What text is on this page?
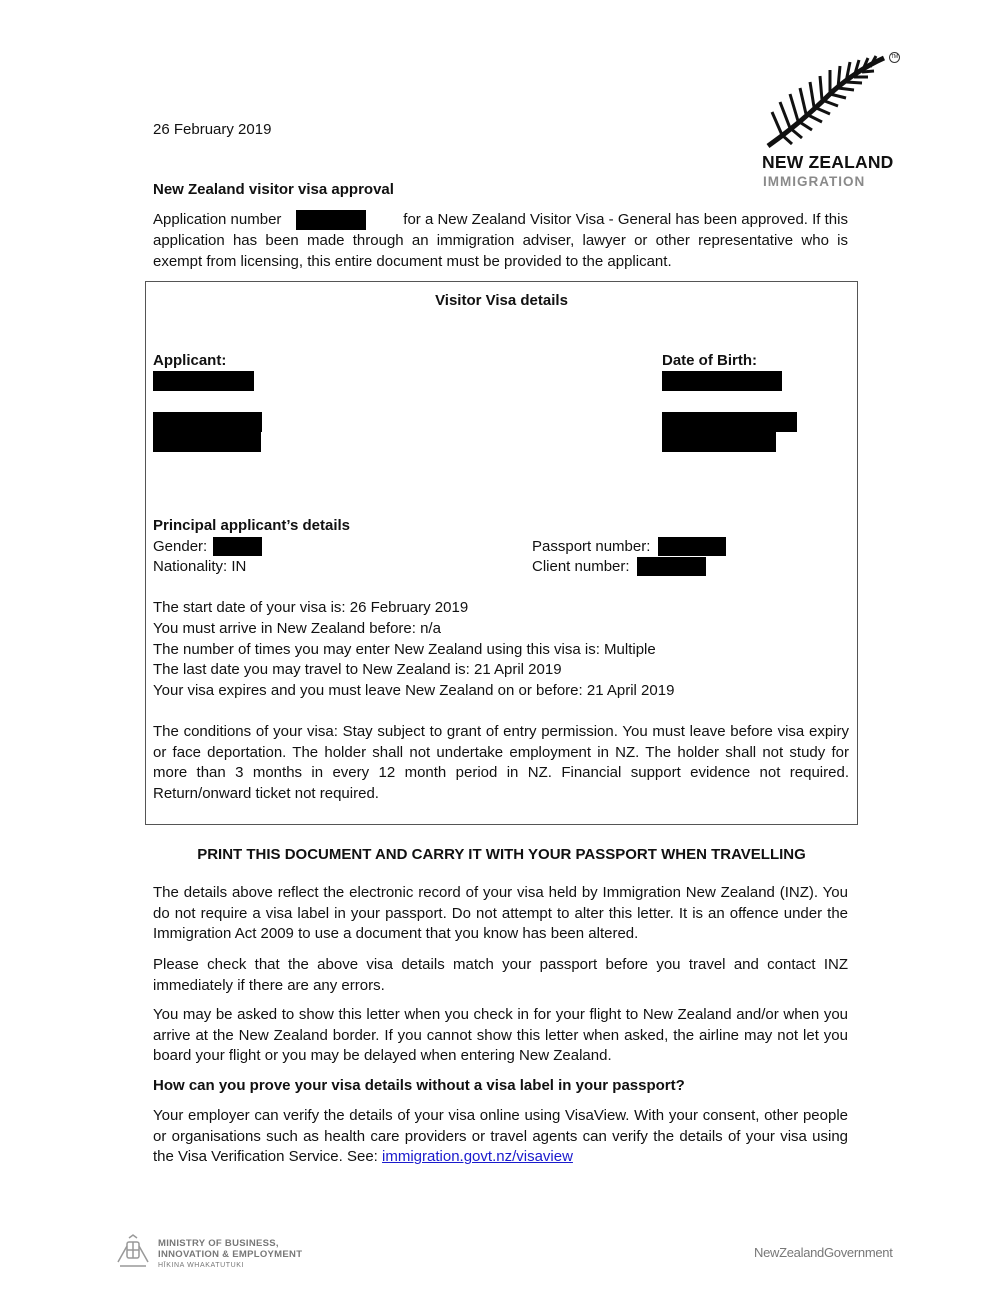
TM
NEW ZEALAND
IMMIGRATION
26 February 2019
New Zealand visitor visa approval
Application number	for a New Zealand Visitor Visa - General has been approved. If this
application has been made through an immigration adviser, lawyer or other representative who is exempt from licensing, this entire document must be provided to the applicant.
Visitor Visa details
Applicant:	Date of Birth:
Principal applicant’s details
Gender:
Nationality: IN
Passport number:
Client number:
The start date of your visa is: 26 February 2019
You must arrive in New Zealand before: n/a
The number of times you may enter New Zealand using this visa is: Multiple
The last date you may travel to New Zealand is: 21 April 2019
Your visa expires and you must leave New Zealand on or before: 21 April 2019
The conditions of your visa: Stay subject to grant of entry permission. You must leave before visa expiry or face deportation. The holder shall not undertake employment in NZ. The holder shall not study for more than 3 months in every 12 month period in NZ. Financial support evidence not required. Return/onward ticket not required.
PRINT THIS DOCUMENT AND CARRY IT WITH YOUR PASSPORT WHEN TRAVELLING
The details above reflect the electronic record of your visa held by Immigration New Zealand (INZ). You do not require a visa label in your passport. Do not attempt to alter this letter. It is an offence under the Immigration Act 2009 to use a document that you know has been altered.
Please check that the above visa details match your passport before you travel and contact INZ immediately if there are any errors.
You may be asked to show this letter when you check in for your flight to New Zealand and/or when you arrive at the New Zealand border. If you cannot show this letter when asked, the airline may not let you board your flight or you may be delayed when entering New Zealand.
How can you prove your visa details without a visa label in your passport?
Your employer can verify the details of your visa online using VisaView. With your consent, other people or organisations such as health care providers or travel agents can verify the details of your visa using the Visa Verification Service. See: immigration.govt.nz/visaview
MINISTRY OF BUSINESS,
INNOVATION & EMPLOYMENT
HĪKINA WHAKATUTUKI
NewZealandGovernment
